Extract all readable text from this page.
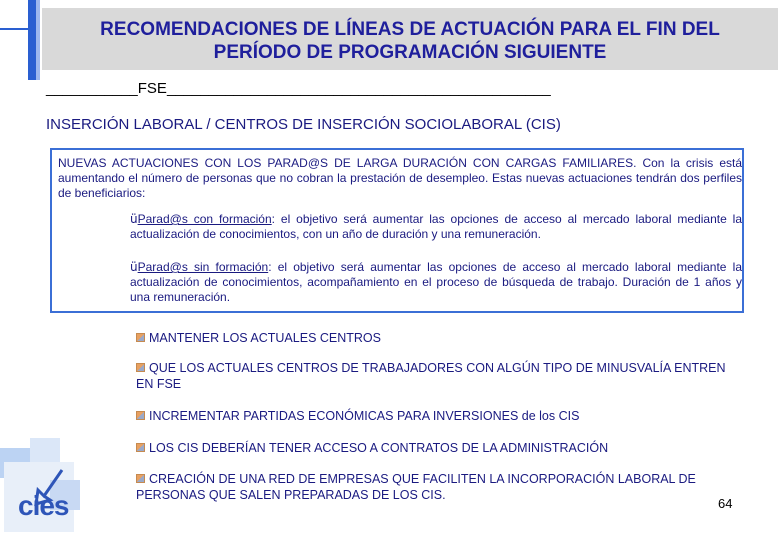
RECOMENDACIONES DE LÍNEAS DE ACTUACIÓN PARA EL FIN DEL
PERÍODO DE PROGRAMACIÓN SIGUIENTE
___________FSE______________________________________________
INSERCIÓN LABORAL / CENTROS DE INSERCIÓN SOCIOLABORAL (CIS)
NUEVAS ACTUACIONES CON LOS PARAD@S DE LARGA DURACIÓN CON CARGAS FAMILIARES. Con la crisis está aumentando el número de personas que no cobran la prestación de desempleo. Estas nuevas actuaciones tendrán dos perfiles de beneficiarios:
üParad@s con formación: el objetivo será aumentar las opciones de acceso al mercado laboral mediante la actualización de conocimientos, con un año de duración y una remuneración.
üParad@s sin formación: el objetivo será aumentar las opciones de acceso al mercado laboral mediante la actualización de conocimientos, acompañamiento en el proceso de búsqueda de trabajo. Duración de 1 años y una remuneración.
MANTENER LOS ACTUALES CENTROS
QUE LOS ACTUALES CENTROS DE TRABAJADORES CON ALGÚN TIPO DE MINUSVALÍA ENTREN EN FSE
INCREMENTAR PARTIDAS ECONÓMICAS PARA INVERSIONES de los CIS
LOS CIS DEBERÍAN TENER ACCESO A CONTRATOS DE LA ADMINISTRACIÓN
CREACIÓN DE UNA RED DE EMPRESAS QUE FACILITEN LA INCORPORACIÓN LABORAL DE PERSONAS QUE SALEN PREPARADAS DE LOS CIS.
cies	64
